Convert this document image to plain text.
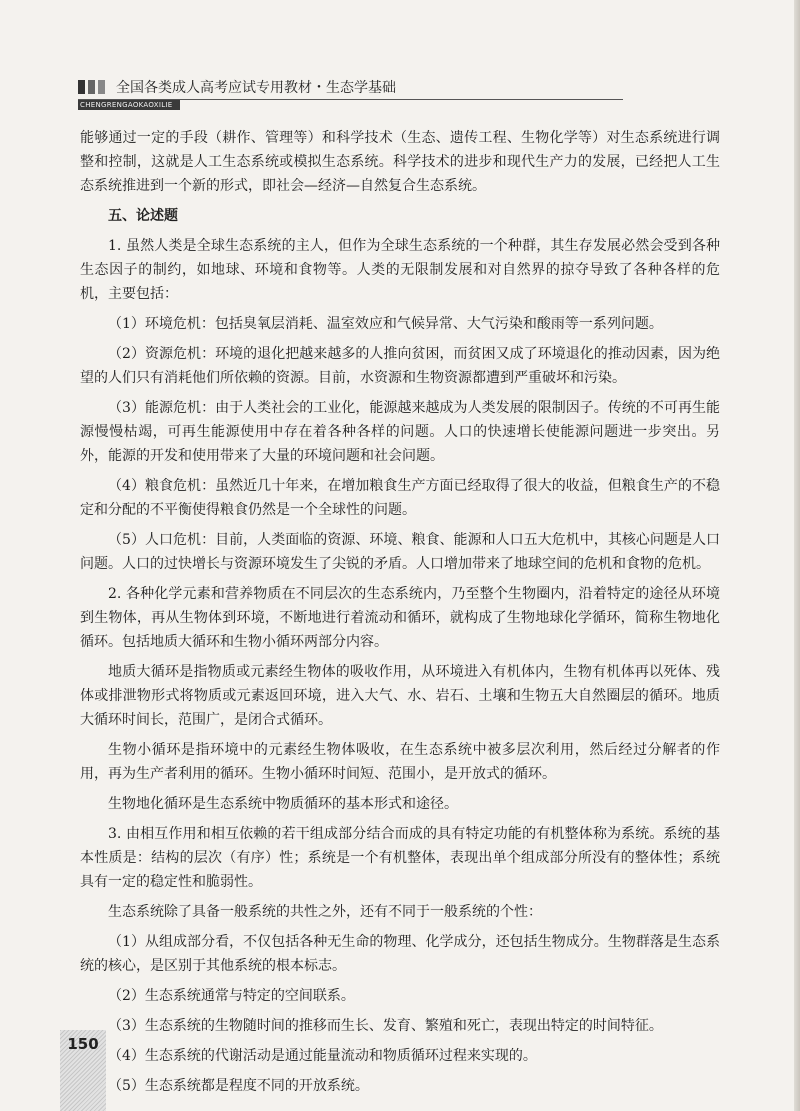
全国各类成人高考应试专用教材・生态学基础
CHENGRENGAOKAOXILIE

能够通过一定的手段（耕作、管理等）和科学技术（生态、遗传工程、生物化学等）对生态系统进行调整和控制，这就是人工生态系统或模拟生态系统。科学技术的进步和现代生产力的发展，已经把人工生态系统推进到一个新的形式，即社会—经济—自然复合生态系统。

五、论述题

1. 虽然人类是全球生态系统的主人，但作为全球生态系统的一个种群，其生存发展必然会受到各种生态因子的制约，如地球、环境和食物等。人类的无限制发展和对自然界的掠夺导致了各种各样的危机，主要包括：

（1）环境危机：包括臭氧层消耗、温室效应和气候异常、大气污染和酸雨等一系列问题。

（2）资源危机：环境的退化把越来越多的人推向贫困，而贫困又成了环境退化的推动因素，因为绝望的人们只有消耗他们所依赖的资源。目前，水资源和生物资源都遭到严重破坏和污染。

（3）能源危机：由于人类社会的工业化，能源越来越成为人类发展的限制因子。传统的不可再生能源慢慢枯竭，可再生能源使用中存在着各种各样的问题。人口的快速增长使能源问题进一步突出。另外，能源的开发和使用带来了大量的环境问题和社会问题。

（4）粮食危机：虽然近几十年来，在增加粮食生产方面已经取得了很大的收益，但粮食生产的不稳定和分配的不平衡使得粮食仍然是一个全球性的问题。

（5）人口危机：目前，人类面临的资源、环境、粮食、能源和人口五大危机中，其核心问题是人口问题。人口的过快增长与资源环境发生了尖锐的矛盾。人口增加带来了地球空间的危机和食物的危机。

2. 各种化学元素和营养物质在不同层次的生态系统内，乃至整个生物圈内，沿着特定的途径从环境到生物体，再从生物体到环境，不断地进行着流动和循环，就构成了生物地球化学循环，简称生物地化循环。包括地质大循环和生物小循环两部分内容。

地质大循环是指物质或元素经生物体的吸收作用，从环境进入有机体内，生物有机体再以死体、残体或排泄物形式将物质或元素返回环境，进入大气、水、岩石、土壤和生物五大自然圈层的循环。地质大循环时间长，范围广，是闭合式循环。

生物小循环是指环境中的元素经生物体吸收，在生态系统中被多层次利用，然后经过分解者的作用，再为生产者利用的循环。生物小循环时间短、范围小，是开放式的循环。

生物地化循环是生态系统中物质循环的基本形式和途径。

3. 由相互作用和相互依赖的若干组成部分结合而成的具有特定功能的有机整体称为系统。系统的基本性质是：结构的层次（有序）性；系统是一个有机整体，表现出单个组成部分所没有的整体性；系统具有一定的稳定性和脆弱性。

生态系统除了具备一般系统的共性之外，还有不同于一般系统的个性：

（1）从组成部分看，不仅包括各种无生命的物理、化学成分，还包括生物成分。生物群落是生态系统的核心，是区别于其他系统的根本标志。

（2）生态系统通常与特定的空间联系。

（3）生态系统的生物随时间的推移而生长、发育、繁殖和死亡，表现出特定的时间特征。

（4）生态系统的代谢活动是通过能量流动和物质循环过程来实现的。

（5）生态系统都是程度不同的开放系统。

150
